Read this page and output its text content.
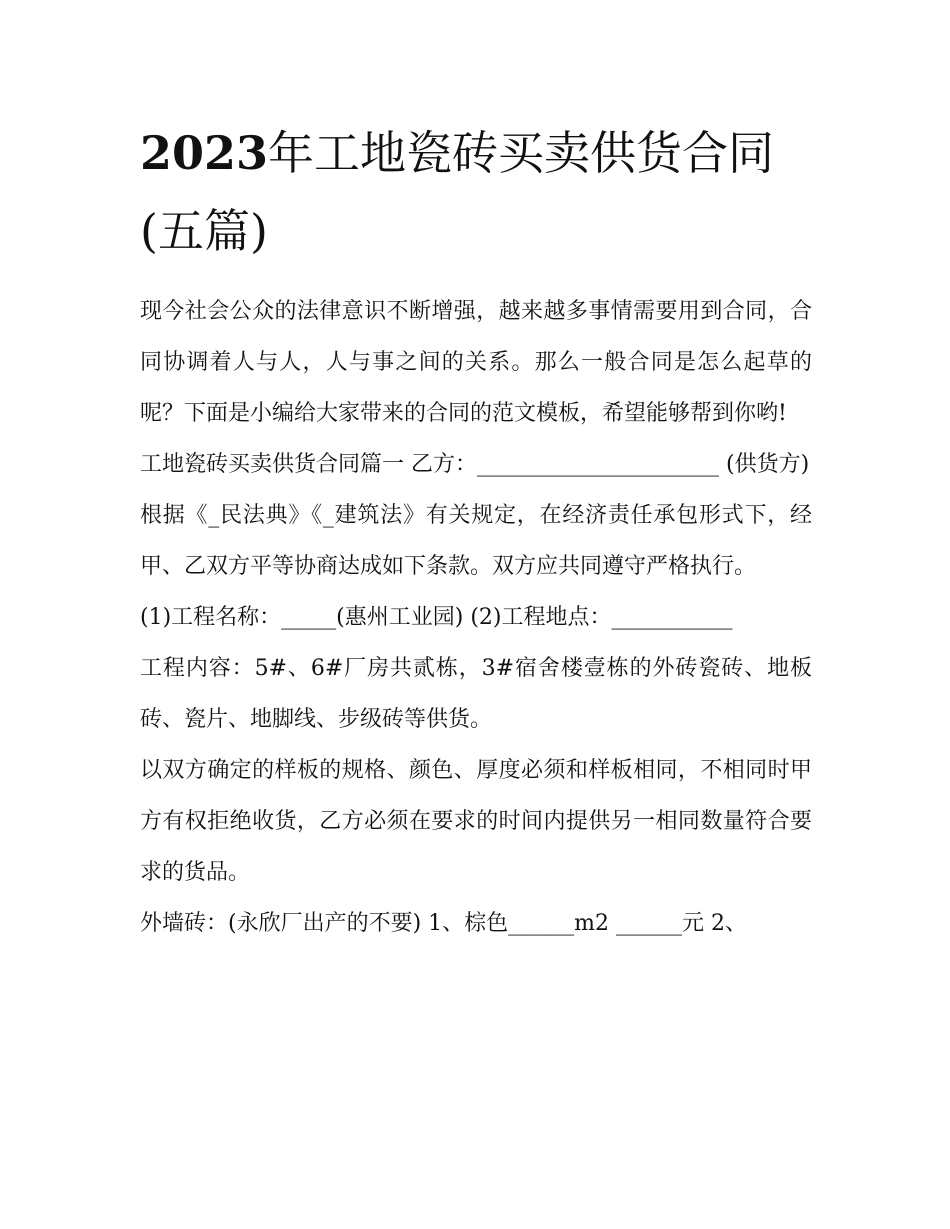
2023年工地瓷砖买卖供货合同(五篇)

现今社会公众的法律意识不断增强，越来越多事情需要用到合同，合同协调着人与人，人与事之间的关系。那么一般合同是怎么起草的呢？下面是小编给大家带来的合同的范文模板，希望能够帮到你哟!

工地瓷砖买卖供货合同篇一 乙方：______________________ (供货方)

根据《_民法典》《_建筑法》有关规定，在经济责任承包形式下，经甲、乙双方平等协商达成如下条款。双方应共同遵守严格执行。

(1)工程名称：_____(惠州工业园) (2)工程地点：___________

工程内容：5#、6#厂房共贰栋，3#宿舍楼壹栋的外砖瓷砖、地板砖、瓷片、地脚线、步级砖等供货。

以双方确定的样板的规格、颜色、厚度必须和样板相同，不相同时甲方有权拒绝收货，乙方必须在要求的时间内提供另一相同数量符合要求的货品。

外墙砖：(永欣厂出产的不要) 1、棕色______m2 ______元 2、
